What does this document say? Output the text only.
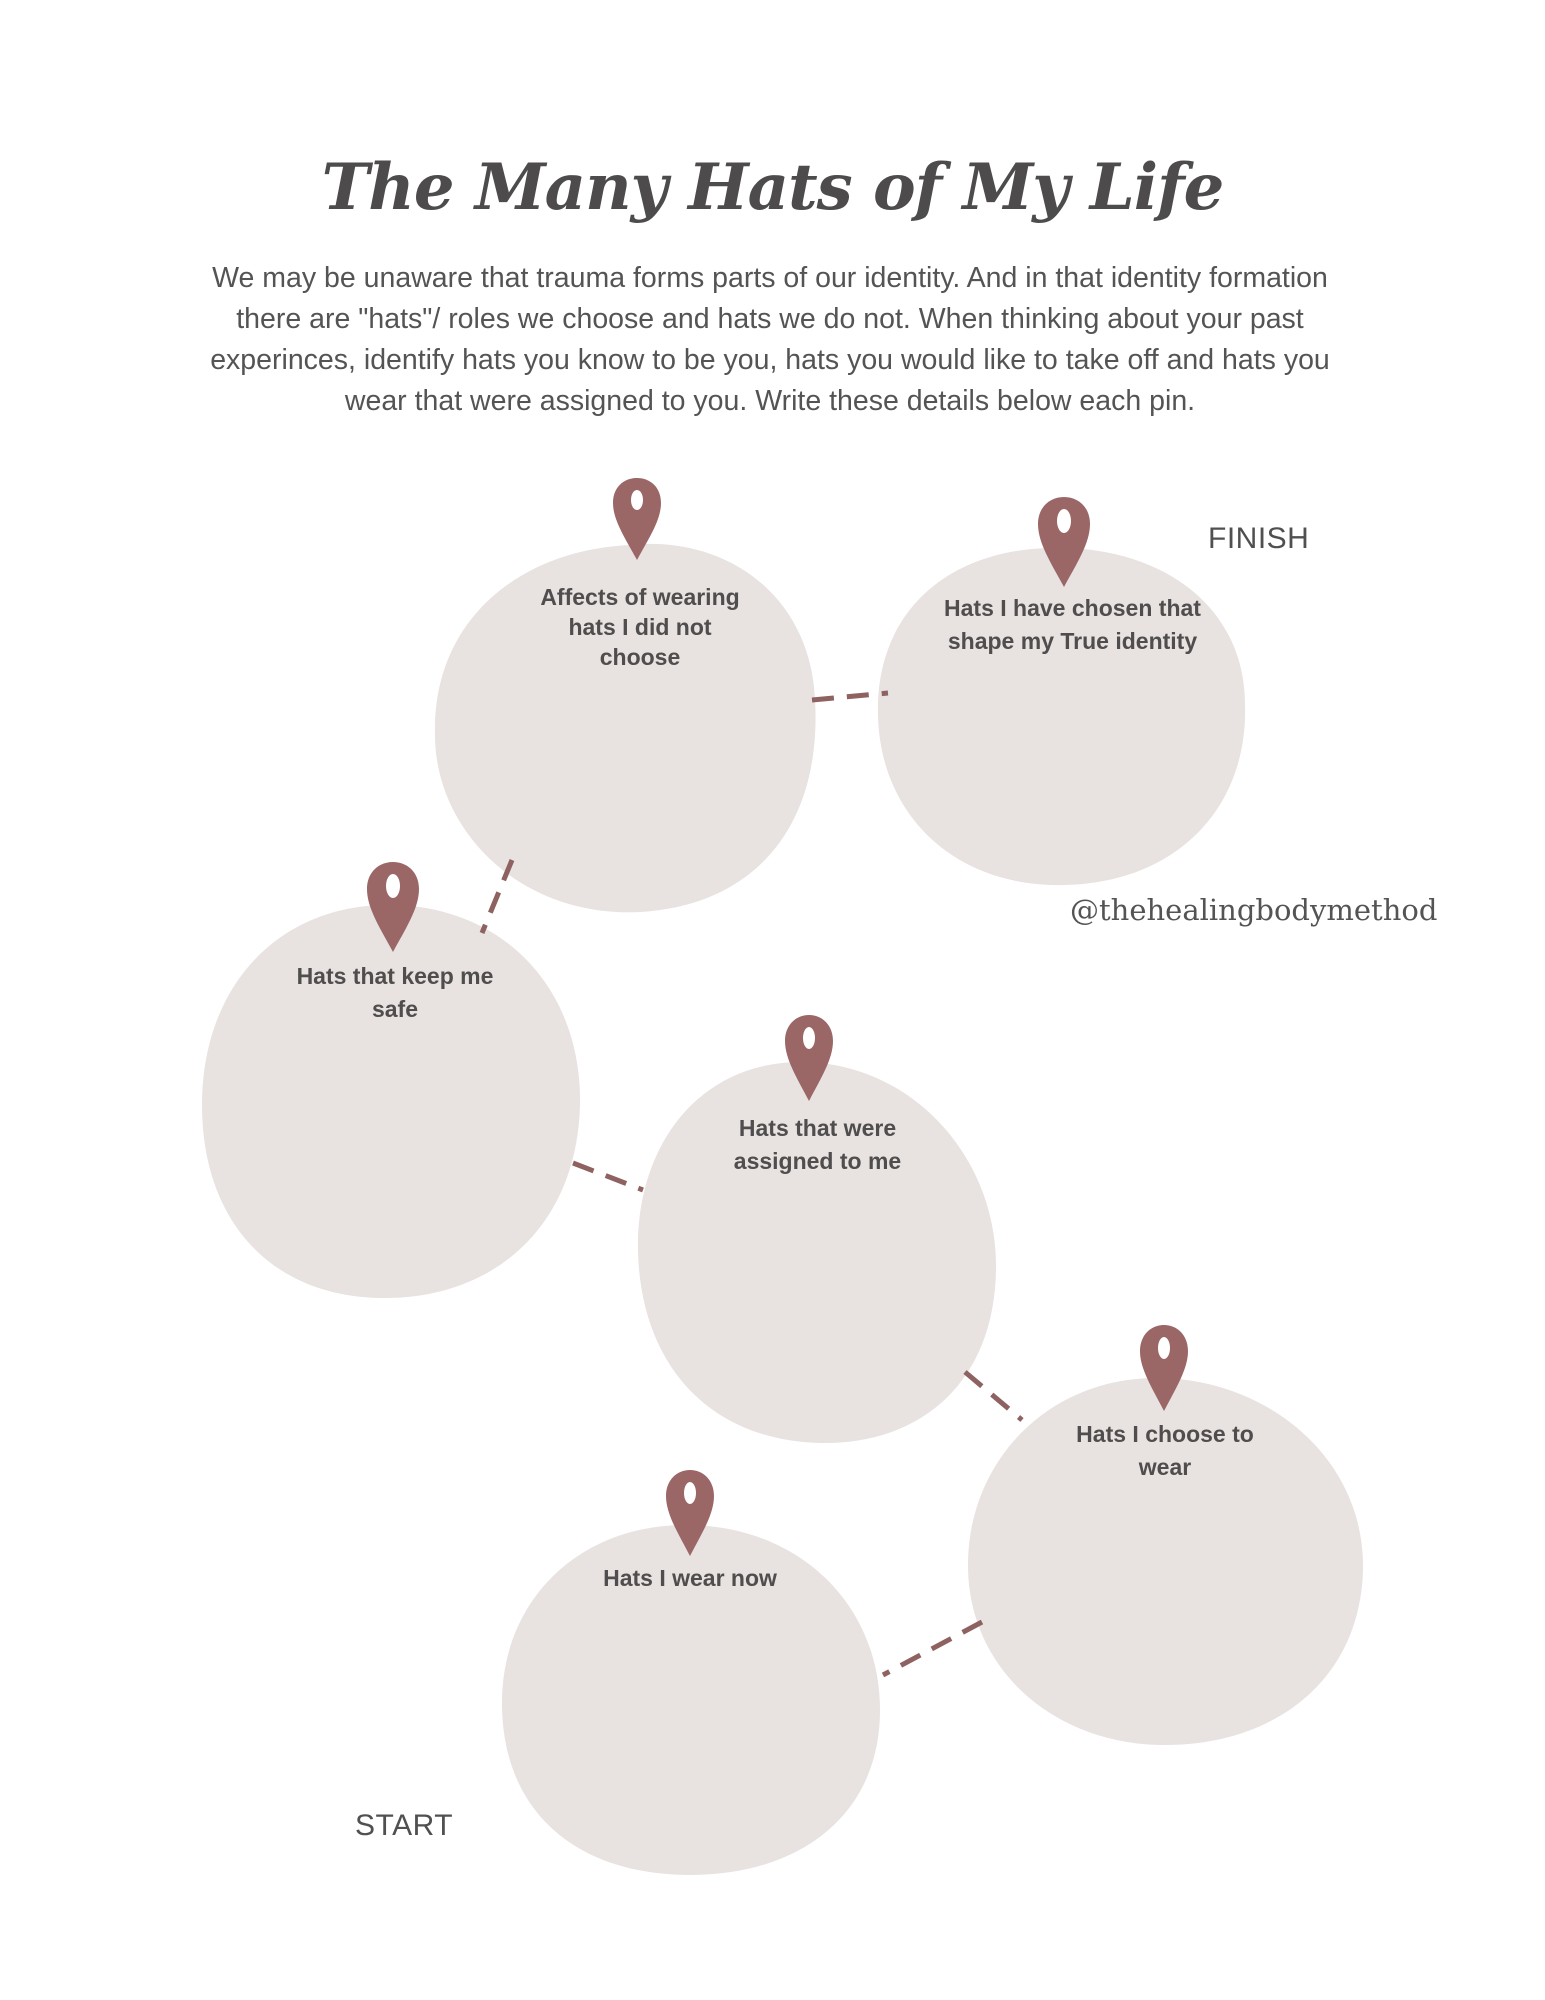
The Many Hats of My Life

We may be unaware that trauma forms parts of our identity. And in that identity formation there are "hats"/ roles we choose and hats we do not. When thinking about your past experinces, identify hats you know to be you, hats you would like to take off and hats you wear that were assigned to you. Write these details below each pin.

Affects of wearing hats I did not choose
Hats I have chosen that shape my True identity
Hats that keep me safe
Hats that were assigned to me
Hats I choose to wear
Hats I wear now
FINISH
START
@thehealingbodymethod
